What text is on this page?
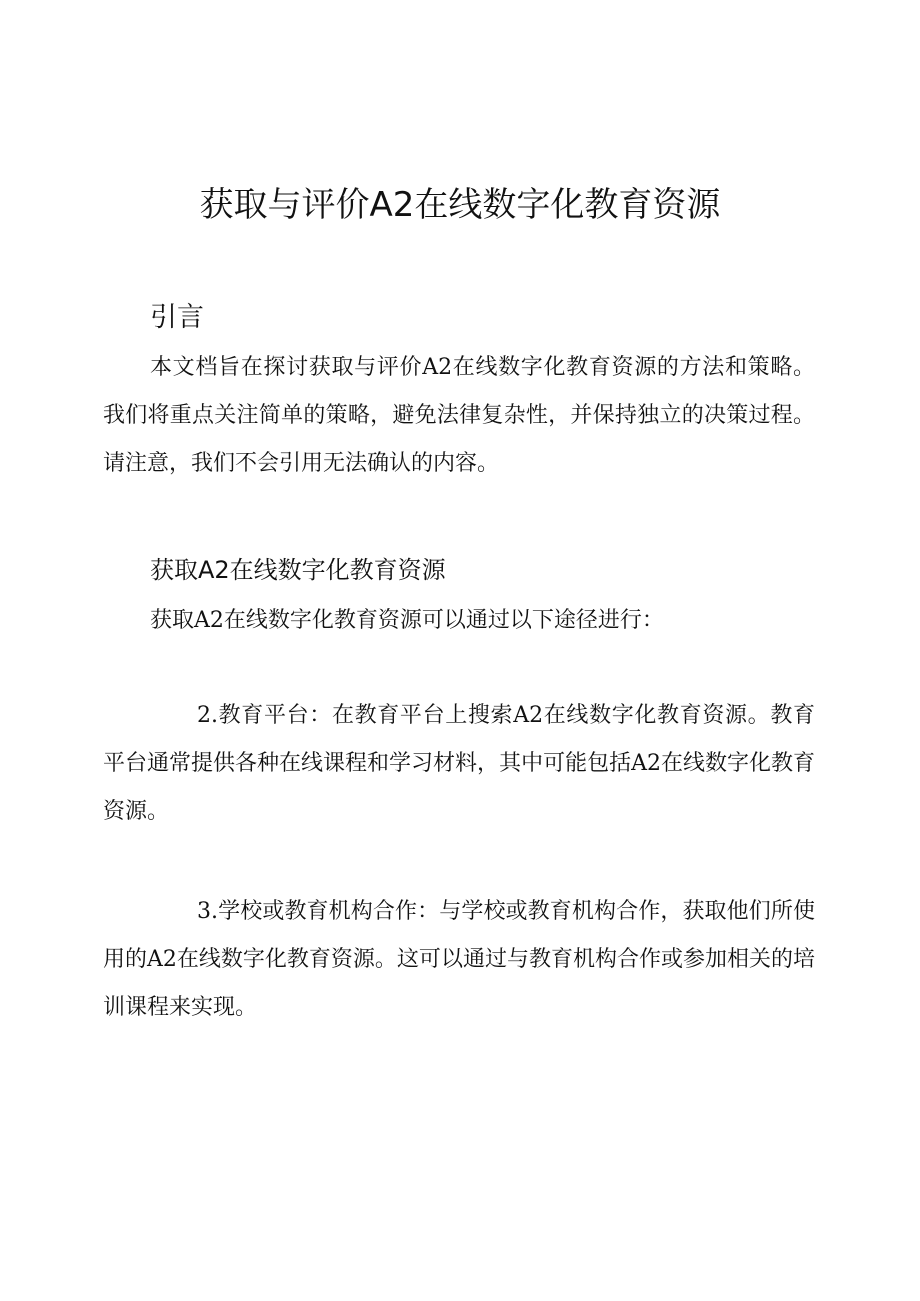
获取与评价A2在线数字化教育资源
引言

本文档旨在探讨获取与评价A2在线数字化教育资源的方法和策略。我们将重点关注简单的策略，避免法律复杂性，并保持独立的决策过程。请注意，我们不会引用无法确认的内容。

获取A2在线数字化教育资源

获取A2在线数字化教育资源可以通过以下途径进行：

2.教育平台：在教育平台上搜索A2在线数字化教育资源。教育平台通常提供各种在线课程和学习材料，其中可能包括A2在线数字化教育资源。

3.学校或教育机构合作：与学校或教育机构合作，获取他们所使用的A2在线数字化教育资源。这可以通过与教育机构合作或参加相关的培训课程来实现。
